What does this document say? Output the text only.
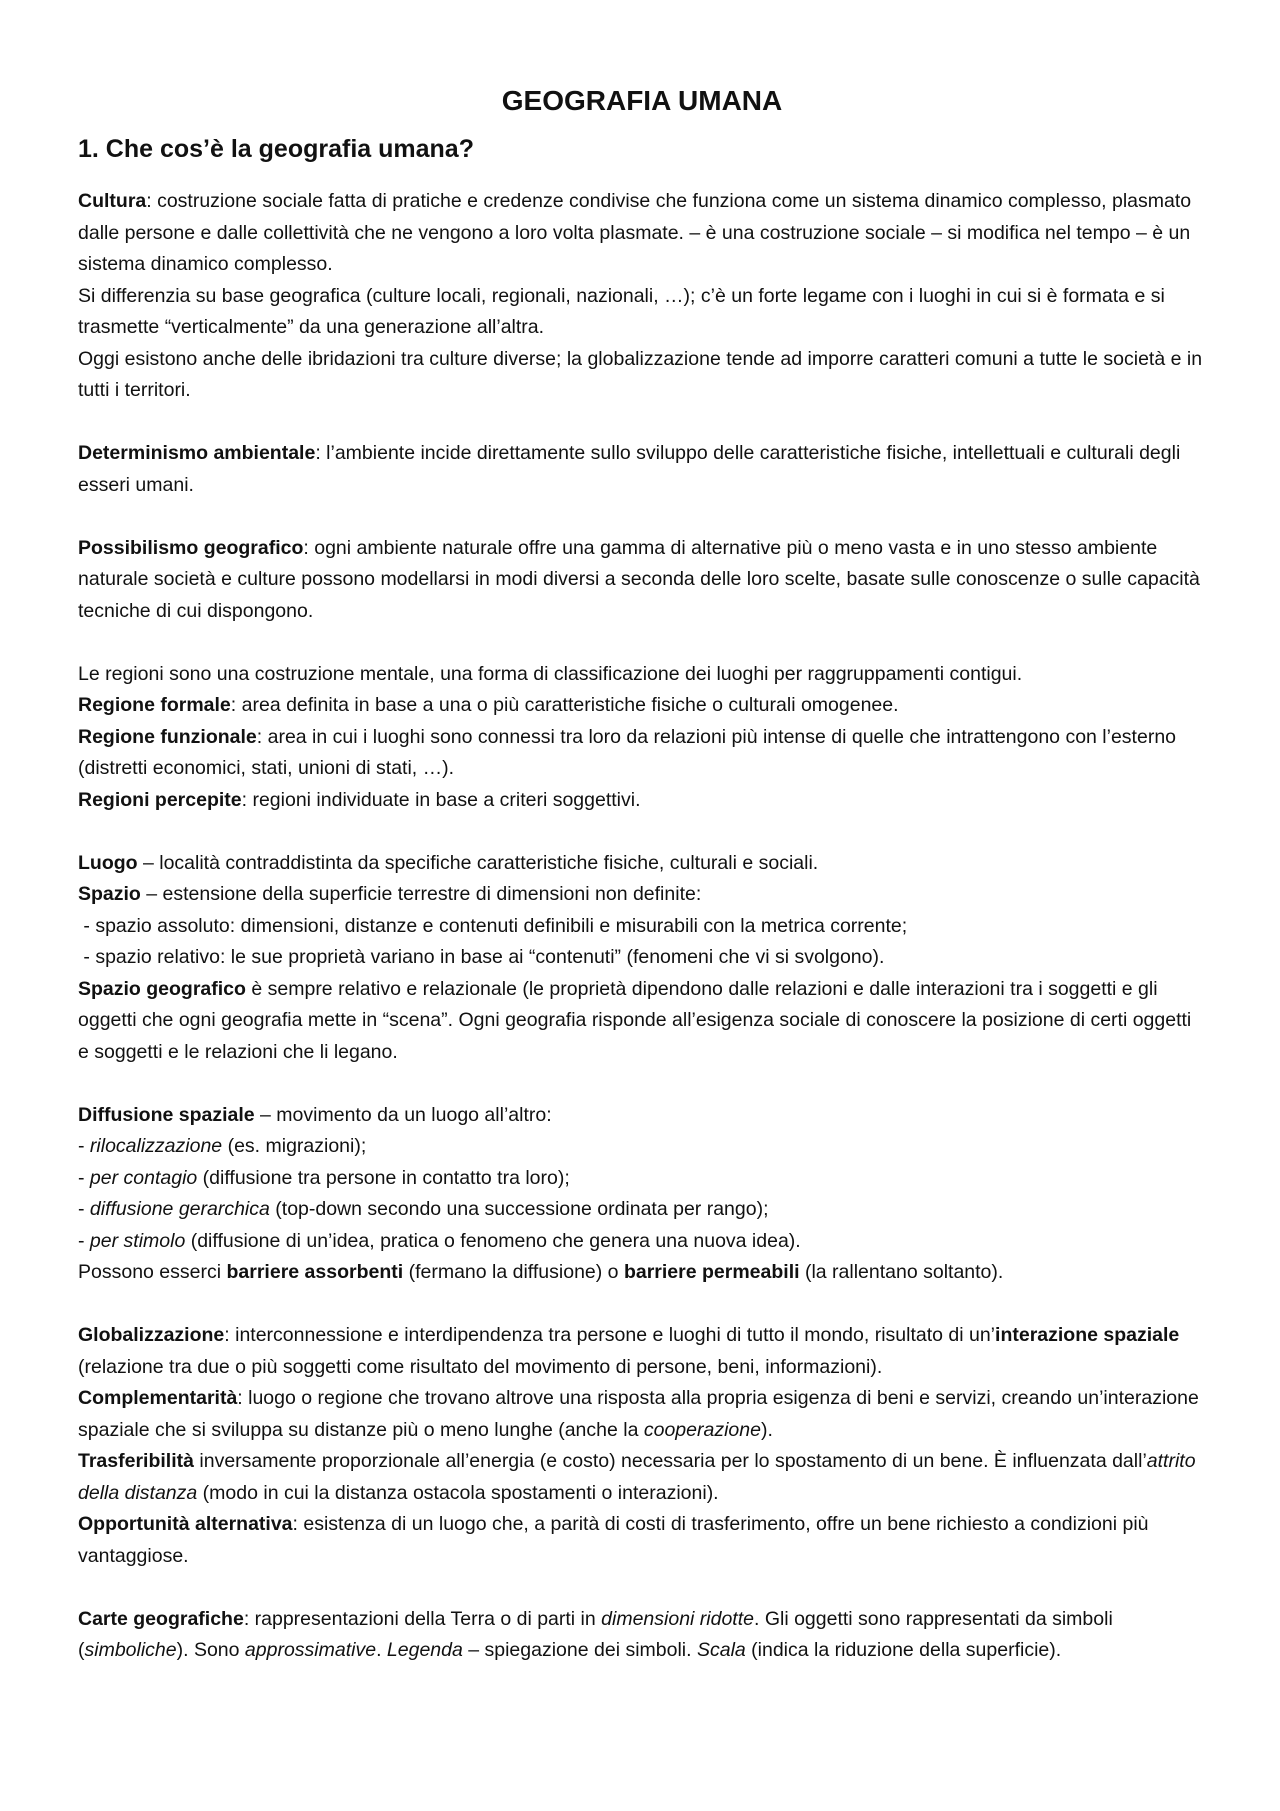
GEOGRAFIA UMANA
1. Che cos’è la geografia umana?

Cultura: costruzione sociale fatta di pratiche e credenze condivise che funziona come un sistema dinamico complesso, plasmato dalle persone e dalle collettività che ne vengono a loro volta plasmate. – è una costruzione sociale – si modifica nel tempo – è un sistema dinamico complesso.

Si differenzia su base geografica (culture locali, regionali, nazionali, …); c’è un forte legame con i luoghi in cui si è formata e si trasmette “verticalmente” da una generazione all’altra.

Oggi esistono anche delle ibridazioni tra culture diverse; la globalizzazione tende ad imporre caratteri comuni a tutte le società e in tutti i territori.

Determinismo ambientale: l’ambiente incide direttamente sullo sviluppo delle caratteristiche fisiche, intellettuali e culturali degli esseri umani.

Possibilismo geografico: ogni ambiente naturale offre una gamma di alternative più o meno vasta e in uno stesso ambiente naturale società e culture possono modellarsi in modi diversi a seconda delle loro scelte, basate sulle conoscenze o sulle capacità tecniche di cui dispongono.

Le regioni sono una costruzione mentale, una forma di classificazione dei luoghi per raggruppamenti contigui.

Regione formale: area definita in base a una o più caratteristiche fisiche o culturali omogenee.

Regione funzionale: area in cui i luoghi sono connessi tra loro da relazioni più intense di quelle che intrattengono con l’esterno (distretti economici, stati, unioni di stati, …).

Regioni percepite: regioni individuate in base a criteri soggettivi.

Luogo – località contraddistinta da specifiche caratteristiche fisiche, culturali e sociali.

Spazio – estensione della superficie terrestre di dimensioni non definite:

- spazio assoluto: dimensioni, distanze e contenuti definibili e misurabili con la metrica corrente;

- spazio relativo: le sue proprietà variano in base ai “contenuti” (fenomeni che vi si svolgono).

Spazio geografico è sempre relativo e relazionale (le proprietà dipendono dalle relazioni e dalle interazioni tra i soggetti e gli oggetti che ogni geografia mette in “scena”. Ogni geografia risponde all’esigenza sociale di conoscere la posizione di certi oggetti e soggetti e le relazioni che li legano.

Diffusione spaziale – movimento da un luogo all’altro:

- rilocalizzazione (es. migrazioni);

- per contagio (diffusione tra persone in contatto tra loro);

- diffusione gerarchica (top-down secondo una successione ordinata per rango);

- per stimolo (diffusione di un’idea, pratica o fenomeno che genera una nuova idea).

Possono esserci barriere assorbenti (fermano la diffusione) o barriere permeabili (la rallentano soltanto).

Globalizzazione: interconnessione e interdipendenza tra persone e luoghi di tutto il mondo, risultato di un’interazione spaziale (relazione tra due o più soggetti come risultato del movimento di persone, beni, informazioni).

Complementarità: luogo o regione che trovano altrove una risposta alla propria esigenza di beni e servizi, creando un’interazione spaziale che si sviluppa su distanze più o meno lunghe (anche la cooperazione).

Trasferibilità inversamente proporzionale all’energia (e costo) necessaria per lo spostamento di un bene. È influenzata dall’attrito della distanza (modo in cui la distanza ostacola spostamenti o interazioni).

Opportunità alternativa: esistenza di un luogo che, a parità di costi di trasferimento, offre un bene richiesto a condizioni più vantaggiose.

Carte geografiche: rappresentazioni della Terra o di parti in dimensioni ridotte. Gli oggetti sono rappresentati da simboli (simboliche). Sono approssimative. Legenda – spiegazione dei simboli. Scala (indica la riduzione della superficie).
